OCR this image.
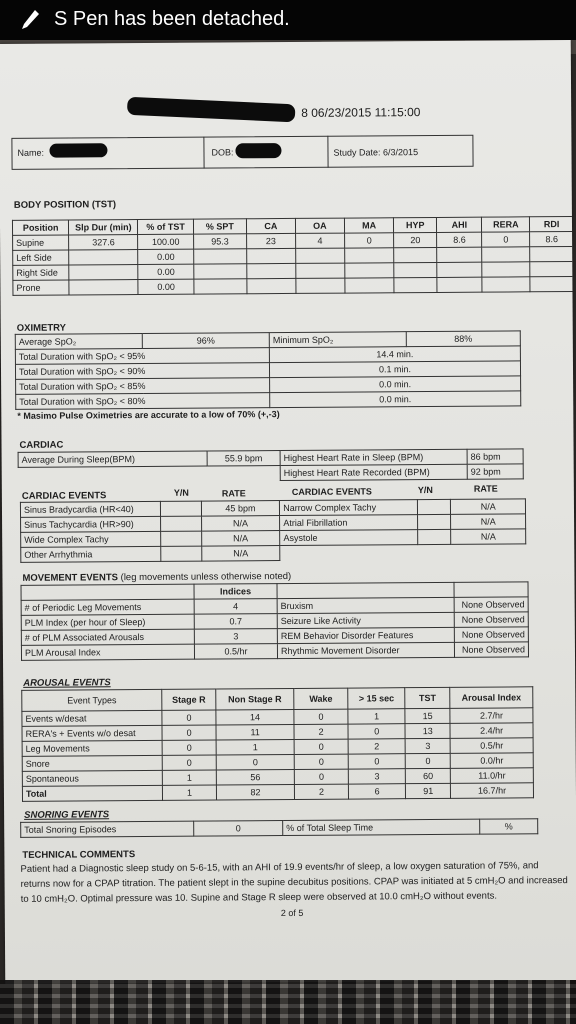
S Pen has been detached.
8 06/23/2015 11:15:00
Name:	DOB:	Study Date: 6/3/2015
BODY POSITION (TST)
Position	Slp Dur (min)	% of TST	% SPT	CA	OA	MA	HYP	AHI	RERA	RDI
Supine	327.6	100.00	95.3	23	4	0	20	8.6	0	8.6
Left Side		0.00								
Right Side		0.00								
Prone		0.00								
OXIMETRY
Average SpO₂	96%	Minimum SpO₂	88%
Total Duration with SpO₂ < 95%		14.4 min.	
Total Duration with SpO₂ < 90%		0.1 min.	
Total Duration with SpO₂ < 85%		0.0 min.	
Total Duration with SpO₂ < 80%		0.0 min.	
* Masimo Pulse Oximetries are accurate to a low of 70% (+,-3)
CARDIAC
Average During Sleep(BPM)	55.9 bpm	Highest Heart Rate in Sleep (BPM)	86 bpm
		Highest Heart Rate Recorded (BPM)	92 bpm
CARDIAC EVENTS	Y/N	RATE	CARDIAC EVENTS	Y/N	RATE
Sinus Bradycardia (HR<40)		45 bpm	Narrow Complex Tachy		N/A
Sinus Tachycardia (HR>90)		N/A	Atrial Fibrillation		N/A
Wide Complex Tachy		N/A	Asystole		N/A
Other Arrhythmia		N/A			
MOVEMENT EVENTS (leg movements unless otherwise noted)
	Indices		
# of Periodic Leg Movements	4	Bruxism	None Observed
PLM Index (per hour of Sleep)	0.7	Seizure Like Activity	None Observed
# of PLM Associated Arousals	3	REM Behavior Disorder Features	None Observed
PLM Arousal Index	0.5/hr	Rhythmic Movement Disorder	None Observed
AROUSAL EVENTS
Event Types	Stage R	Non Stage R	Wake	> 15 sec	TST	Arousal Index
Events w/desat	0	14	0	1	15	2.7/hr
RERA's + Events w/o desat	0	11	2	0	13	2.4/hr
Leg Movements	0	1	0	2	3	0.5/hr
Snore	0	0	0	0	0	0.0/hr
Spontaneous	1	56	0	3	60	11.0/hr
Total	1	82	2	6	91	16.7/hr
SNORING EVENTS
Total Snoring Episodes	0	% of Total Sleep Time	%
TECHNICAL COMMENTS
Patient had a Diagnostic sleep study on 5-6-15, with an AHI of 19.9 events/hr of sleep, a low oxygen saturation of 75%, and returns now for a CPAP titration. The patient slept in the supine decubitus positions. CPAP was initiated at 5 cmH₂O and increased to 10 cmH₂O. Optimal pressure was 10. Supine and Stage R sleep were observed at 10.0 cmH₂O without events.
2 of 5
